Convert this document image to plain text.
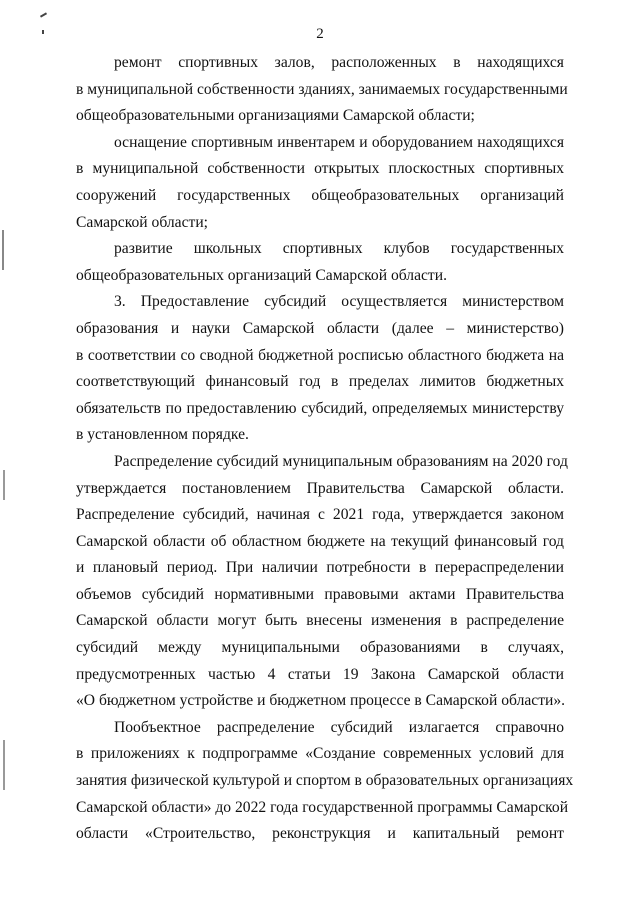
2
ремонт спортивных залов, расположенных в находящихся
в муниципальной собственности зданиях, занимаемых государственными
общеобразовательными организациями Самарской области;
оснащение спортивным инвентарем и оборудованием находящихся
в муниципальной собственности открытых плоскостных спортивных
сооружений государственных общеобразовательных организаций
Самарской области;
развитие школьных спортивных клубов государственных
общеобразовательных организаций Самарской области.
3. Предоставление субсидий осуществляется министерством
образования и науки Самарской области (далее – министерство)
в соответствии со сводной бюджетной росписью областного бюджета на
соответствующий финансовый год в пределах лимитов бюджетных
обязательств по предоставлению субсидий, определяемых министерству
в установленном порядке.
Распределение субсидий муниципальным образованиям на 2020 год
утверждается постановлением Правительства Самарской области.
Распределение субсидий, начиная с 2021 года, утверждается законом
Самарской области об областном бюджете на текущий финансовый год
и плановый период. При наличии потребности в перераспределении
объемов субсидий нормативными правовыми актами Правительства
Самарской области могут быть внесены изменения в распределение
субсидий между муниципальными образованиями в случаях,
предусмотренных частью 4 статьи 19 Закона Самарской области
«О бюджетном устройстве и бюджетном процессе в Самарской области».
Пообъектное распределение субсидий излагается справочно
в приложениях к подпрограмме «Создание современных условий для
занятия физической культурой и спортом в образовательных организациях
Самарской области» до 2022 года государственной программы Самарской
области «Строительство, реконструкция и капитальный ремонт
